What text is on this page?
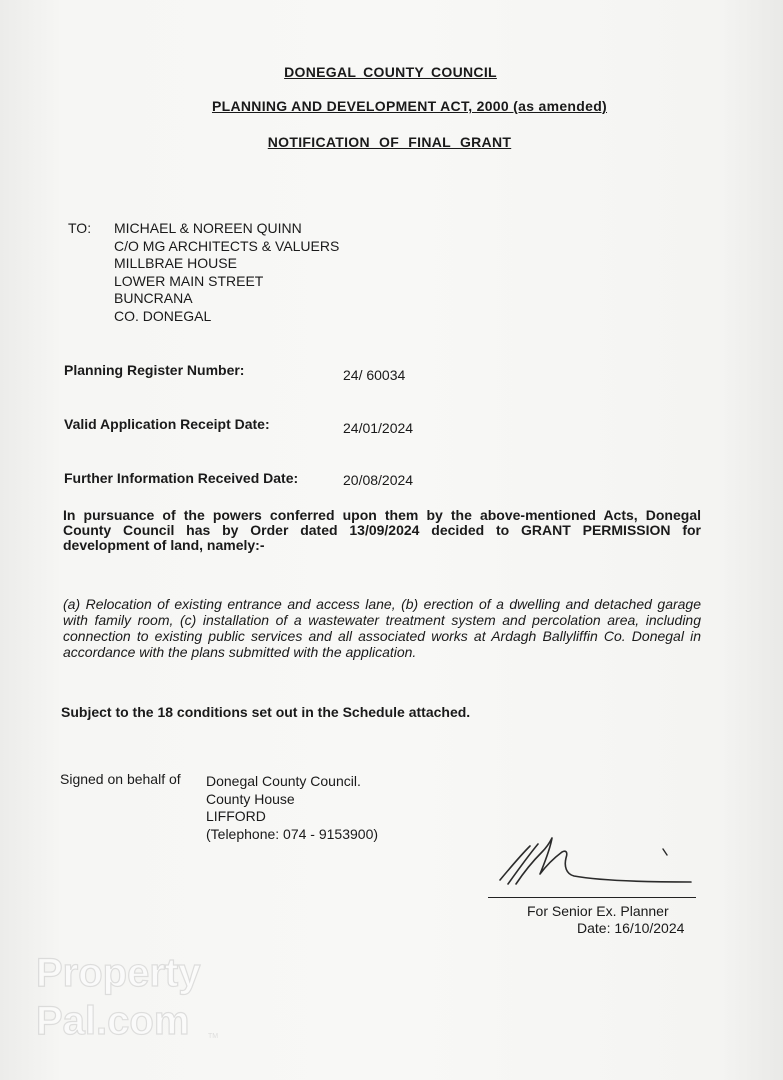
DONEGAL COUNTY COUNCIL
PLANNING AND DEVELOPMENT ACT, 2000 (as amended)
NOTIFICATION OF FINAL GRANT
TO: MICHAEL & NOREEN QUINN
C/O MG ARCHITECTS & VALUERS
MILLBRAE HOUSE
LOWER MAIN STREET
BUNCRANA
CO. DONEGAL
Planning Register Number:	24/ 60034
Valid Application Receipt Date:	24/01/2024
Further Information Received Date:	20/08/2024
In pursuance of the powers conferred upon them by the above-mentioned Acts, Donegal County Council has by Order dated 13/09/2024 decided to GRANT PERMISSION for development of land, namely:-
(a) Relocation of existing entrance and access lane, (b) erection of a dwelling and detached garage with family room, (c) installation of a wastewater treatment system and percolation area, including connection to existing public services and all associated works at Ardagh Ballyliffin Co. Donegal in accordance with the plans submitted with the application.
Subject to the 18 conditions set out in the Schedule attached.
Signed on behalf of Donegal County Council.
County House
LIFFORD
(Telephone: 074 - 9153900)
For Senior Ex. Planner
Date: 16/10/2024
Property
Pal.com	TM
